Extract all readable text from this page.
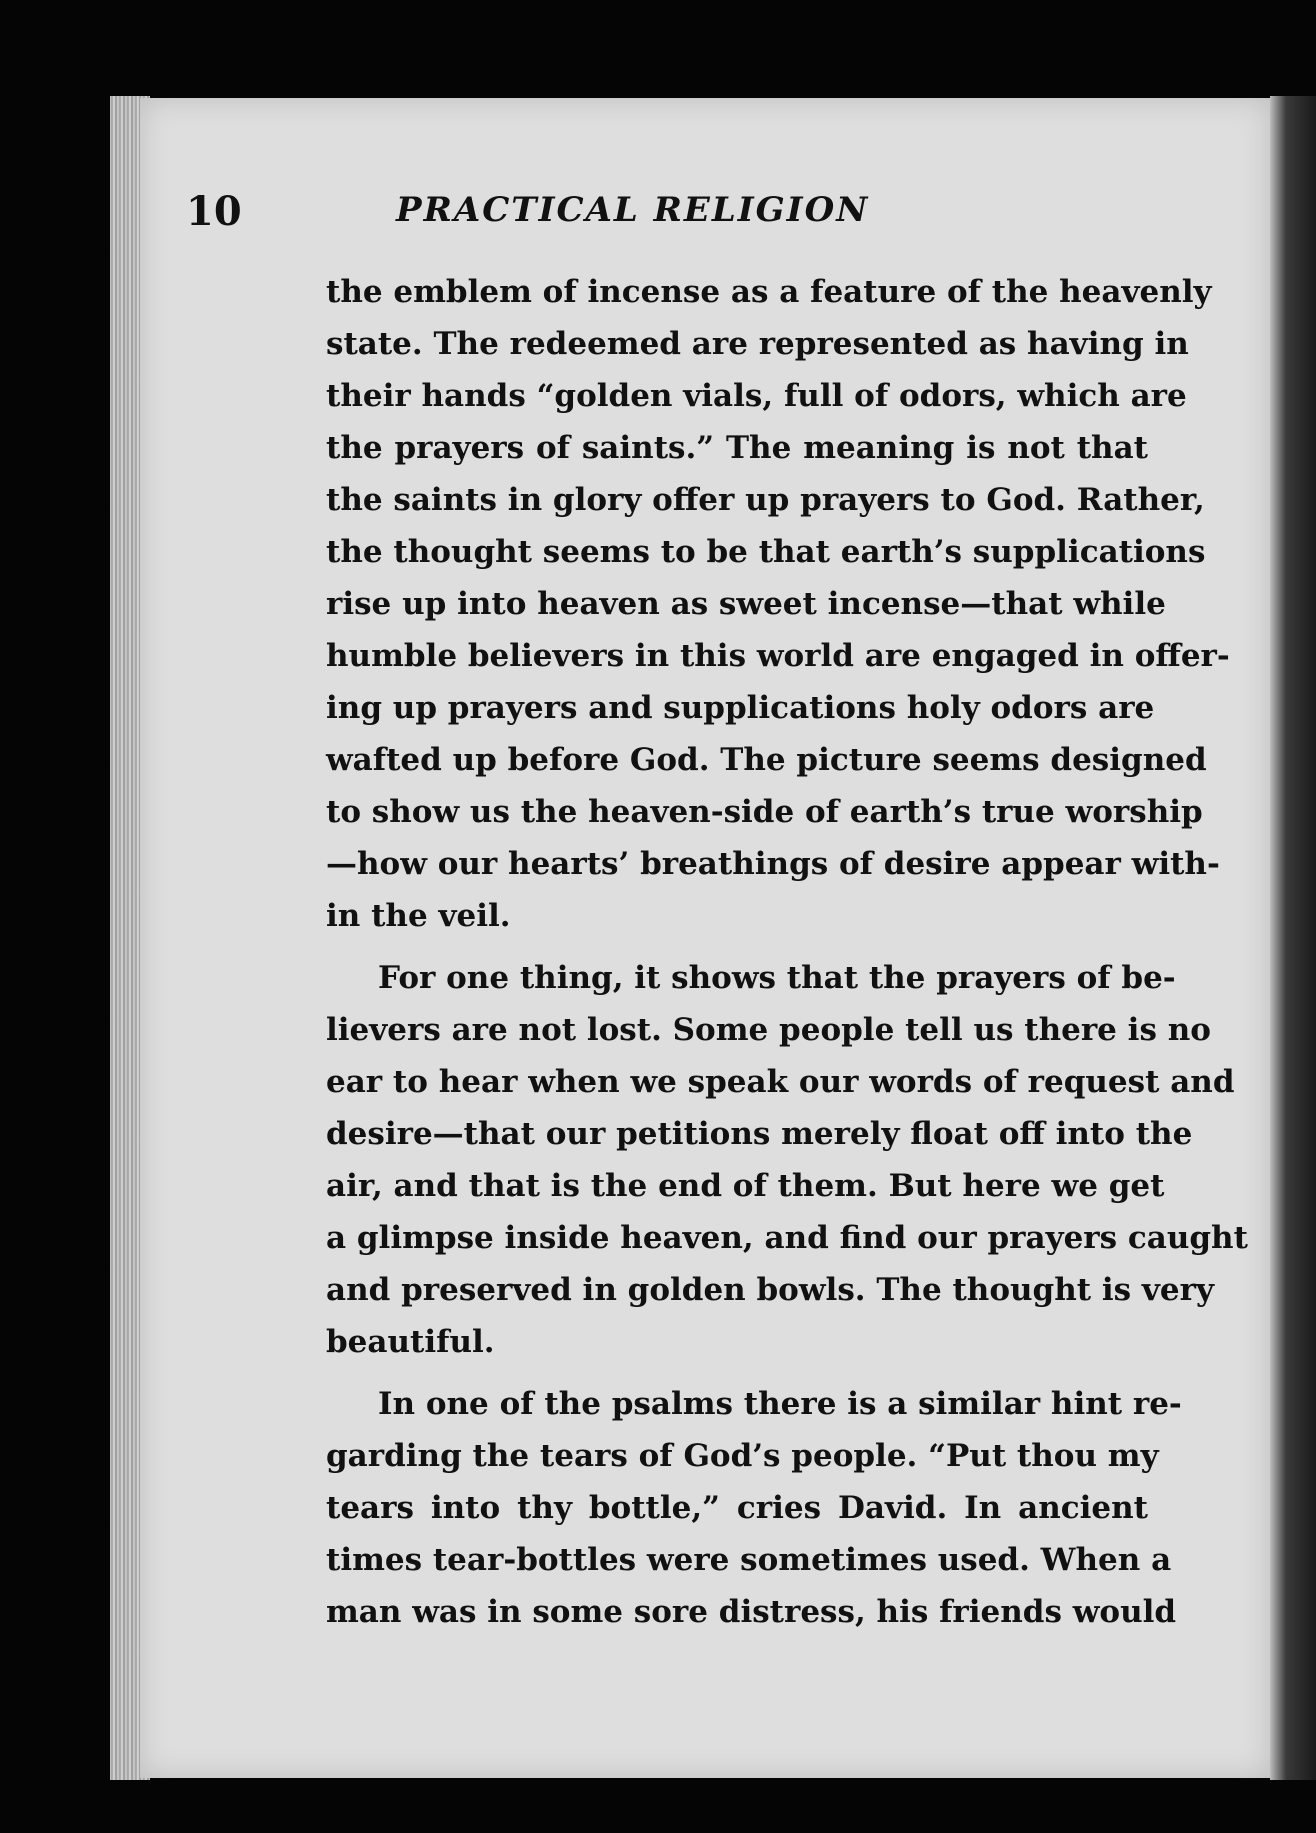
10	PRACTICAL RELIGION
the emblem of incense as a feature of the heavenly
state. The redeemed are represented as having in
their hands “golden vials, full of odors, which are
the prayers of saints.” The meaning is not that
the saints in glory offer up prayers to God. Rather,
the thought seems to be that earth’s supplications
rise up into heaven as sweet incense—that while
humble believers in this world are engaged in offer-
ing up prayers and supplications holy odors are
wafted up before God. The picture seems designed
to show us the heaven-side of earth’s true worship
—how our hearts’ breathings of desire appear with-
in the veil.
For one thing, it shows that the prayers of be-
lievers are not lost. Some people tell us there is no
ear to hear when we speak our words of request and
desire—that our petitions merely float off into the
air, and that is the end of them. But here we get
a glimpse inside heaven, and find our prayers caught
and preserved in golden bowls. The thought is very
beautiful.
In one of the psalms there is a similar hint re-
garding the tears of God’s people. “Put thou my
tears into thy bottle,” cries David. In ancient
times tear-bottles were sometimes used. When a
man was in some sore distress, his friends would
